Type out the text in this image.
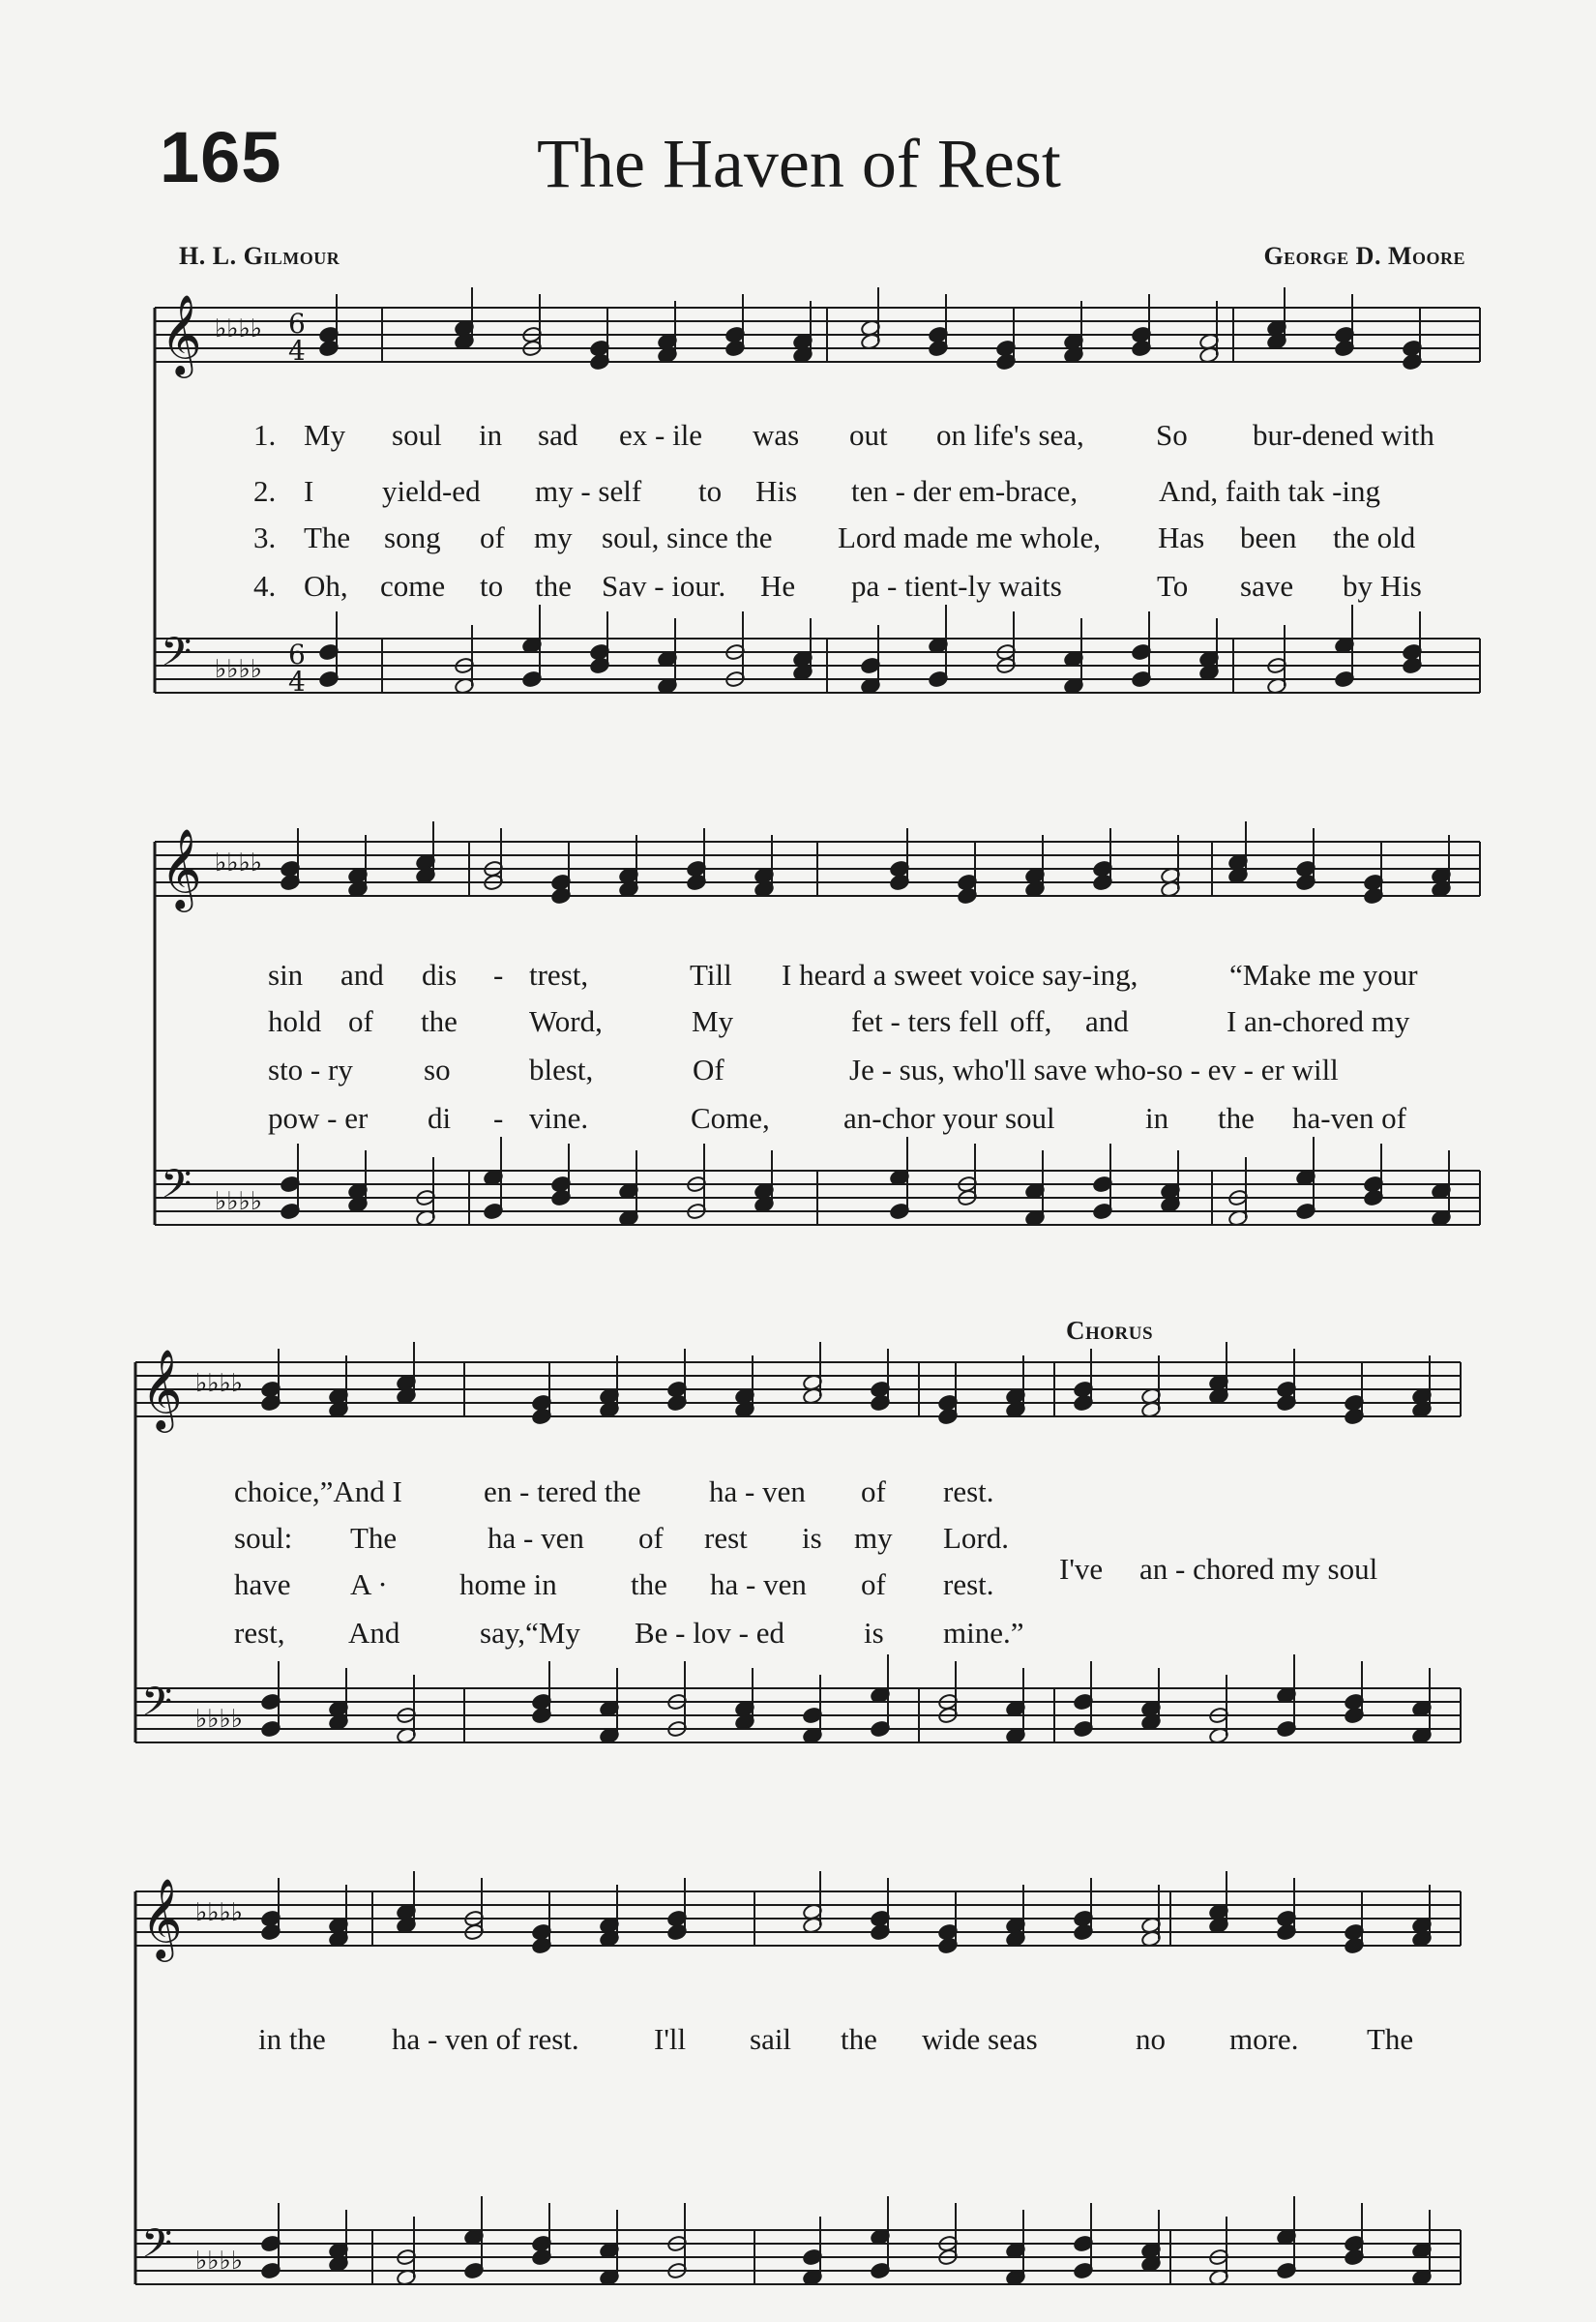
165	The Haven of Rest
H. L. Gilmour	George D. Moore
𝄞 ♭♭♭♭ 6
4
𝄢 ♭♭♭♭ 6
4
𝄞 ♭♭♭♭
𝄢 ♭♭♭♭
𝄞 ♭♭♭♭
𝄢 ♭♭♭♭
𝄞 ♭♭♭♭
𝄢 ♭♭♭♭
1. My soul in sad ex - ile was out on life's sea, So bur-dened with
2. I yield-ed my - self to His ten - der em-brace,	And, faith tak -ing
3. The song of my soul, since the Lord made me whole, Has been the old
4. Oh, come to the Sav - iour. He pa - tient-ly waits	To save by His
sin and dis - trest,	Till I heard a sweet voice say-ing,	“Make me your
hold of the Word,	My	fet - ters fell off, and	I an-chored my
sto - ry so	blest,	Of	Je - sus, who'll save who-so - ev - er will
pow - er di - vine.	Come, an-chor your soul	in the ha-ven of
Chorus
choice,”And I	en - tered the ha - ven of rest.
soul: The	ha - ven of rest is my Lord.
have A · home in the ha - ven of rest.
rest, And	say,“My Be - lov - ed	is mine.”
I've an - chored my soul
in the ha - ven of rest. I'll sail the wide seas	no more. The
